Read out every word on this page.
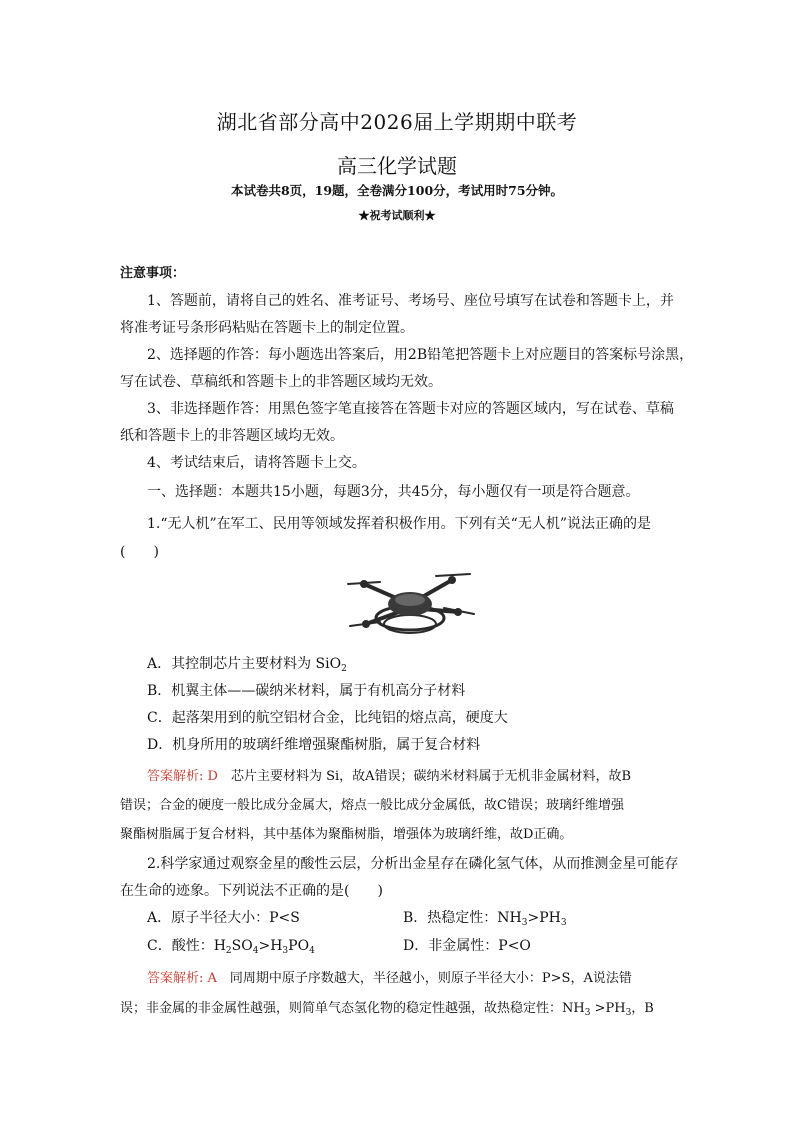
湖北省部分高中2026届上学期期中联考
高三化学试题
本试卷共8页，19题，全卷满分100分，考试用时75分钟。
★祝考试顺利★
注意事项：
1、答题前，请将自己的姓名、准考证号、考场号、座位号填写在试卷和答题卡上，并
将准考证号条形码粘贴在答题卡上的制定位置。
2、选择题的作答：每小题选出答案后，用2B铅笔把答题卡上对应题目的答案标号涂黑，
写在试卷、草稿纸和答题卡上的非答题区域均无效。
3、非选择题作答：用黑色签字笔直接答在答题卡对应的答题区域内，写在试卷、草稿
纸和答题卡上的非答题区域均无效。
4、考试结束后，请将答题卡上交。
一、选择题：本题共15小题，每题3分，共45分，每小题仅有一项是符合题意。
1.“无人机”在军工、民用等领域发挥着积极作用。下列有关“无人机”说法正确的是
(　　)
A．其控制芯片主要材料为 SiO$_2$
B．机翼主体——碳纳米材料，属于有机高分子材料
C．起落架用到的航空铝材合金，比纯铝的熔点高，硬度大
D．机身所用的玻璃纤维增强聚酯树脂，属于复合材料
答案解析: D　芯片主要材料为 Si，故A错误；碳纳米材料属于无机非金属材料，故B
错误；合金的硬度一般比成分金属大，熔点一般比成分金属低，故C错误；玻璃纤维增强
聚酯树脂属于复合材料，其中基体为聚酯树脂，增强体为玻璃纤维，故D正确。
2.科学家通过观察金星的酸性云层，分析出金星存在磷化氢气体，从而推测金星可能存
在生命的迹象。下列说法不正确的是(　　)
A．原子半径大小：P<S	B．热稳定性：$NH_3>PH_3$
C．酸性：$H_2SO_4>H_3PO_4$	D．非金属性：P<O
答案解析: A　同周期中原子序数越大，半径越小，则原子半径大小：P>S，A说法错
误；非金属的非金属性越强，则简单气态氢化物的稳定性越强，故热稳定性：$NH_3 >PH_3$，B
